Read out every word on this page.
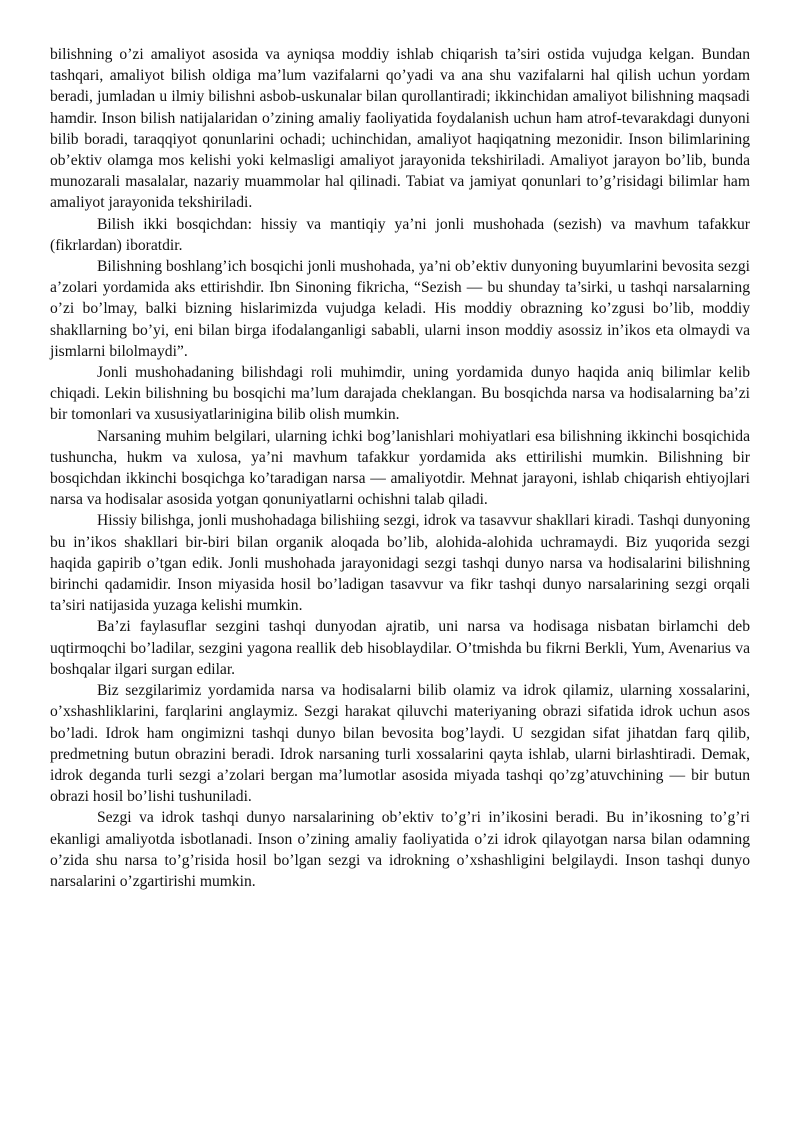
bilishning o’zi amaliyot asosida va ayniqsa moddiy ishlab chiqarish ta’siri ostida vujudga kelgan. Bundan tashqari, amaliyot bilish oldiga ma’lum vazifalarni qo’yadi va ana shu vazifalarni hal qilish uchun yordam beradi, jumladan u ilmiy bilishni asbob-uskunalar bilan qurollantiradi; ikkinchidan amaliyot bilishning maqsadi hamdir. Inson bilish natijalaridan o’zining amaliy faoliyatida foydalanish uchun ham atrof-tevarakdagi dunyoni bilib boradi, taraqqiyot qonunlarini ochadi; uchinchidan, amaliyot haqiqatning mezonidir. Inson bilimlarining ob’ektiv olamga mos kelishi yoki kelmasligi amaliyot jarayonida tekshiriladi. Amaliyot jarayon bo’lib, bunda munozarali masalalar, nazariy muammolar hal qilinadi. Tabiat va jamiyat qonunlari to’g’risidagi bilimlar ham amaliyot jarayonida tekshiriladi.

Bilish ikki bosqichdan: hissiy va mantiqiy ya’ni jonli mushohada (sezish) va mavhum tafakkur (fikrlardan) iboratdir.

Bilishning boshlang’ich bosqichi jonli mushohada, ya’ni ob’ektiv dunyoning buyumlarini bevosita sezgi a’zolari yordamida aks ettirishdir. Ibn Sinoning fikricha, “Sezish — bu shunday ta’sirki, u tashqi narsalarning o’zi bo’lmay, balki bizning hislarimizda vujudga keladi. His moddiy obrazning ko’zgusi bo’lib, moddiy shakllarning bo’yi, eni bilan birga ifodalanganligi sababli, ularni inson moddiy asossiz in’ikos eta olmaydi va jismlarni bilolmaydi”.

Jonli mushohadaning bilishdagi roli muhimdir, uning yordamida dunyo haqida aniq bilimlar kelib chiqadi. Lekin bilishning bu bosqichi ma’lum darajada cheklangan. Bu bosqichda narsa va hodisalarning ba’zi bir tomonlari va xususiyatlarinigina bilib olish mumkin.

Narsaning muhim belgilari, ularning ichki bog’lanishlari mohiyatlari esa bilishning ikkinchi bosqichida tushuncha, hukm va xulosa, ya’ni mavhum tafakkur yordamida aks ettirilishi mumkin. Bilishning bir bosqichdan ikkinchi bosqichga ko’taradigan narsa — amaliyotdir. Mehnat jarayoni, ishlab chiqarish ehtiyojlari narsa va hodisalar asosida yotgan qonuniyatlarni ochishni talab qiladi.

Hissiy bilishga, jonli mushohadaga bilishiing sezgi, idrok va tasavvur shakllari kiradi. Tashqi dunyoning bu in’ikos shakllari bir-biri bilan organik aloqada bo’lib, alohida-alohida uchramaydi. Biz yuqorida sezgi haqida gapirib o’tgan edik. Jonli mushohada jarayonidagi sezgi tashqi dunyo narsa va hodisalarini bilishning birinchi qadamidir. Inson miyasida hosil bo’ladigan tasavvur va fikr tashqi dunyo narsalarining sezgi orqali ta’siri natijasida yuzaga kelishi mumkin.

Ba’zi faylasuflar sezgini tashqi dunyodan ajratib, uni narsa va hodisaga nisbatan birlamchi deb uqtirmoqchi bo’ladilar, sezgini yagona reallik deb hisoblaydilar. O’tmishda bu fikrni Berkli, Yum, Avenarius va boshqalar ilgari surgan edilar.

Biz sezgilarimiz yordamida narsa va hodisalarni bilib olamiz va idrok qilamiz, ularning xossalarini, o’xshashliklarini, farqlarini anglaymiz. Sezgi harakat qiluvchi materiyaning obrazi sifatida idrok uchun asos bo’ladi. Idrok ham ongimizni tashqi dunyo bilan bevosita bog’laydi. U sezgidan sifat jihatdan farq qilib, predmetning butun obrazini beradi. Idrok narsaning turli xossalarini qayta ishlab, ularni birlashtiradi. Demak, idrok deganda turli sezgi a’zolari bergan ma’lumotlar asosida miyada tashqi qo’zg’atuvchining — bir butun obrazi hosil bo’lishi tushuniladi.

Sezgi va idrok tashqi dunyo narsalarining ob’ektiv to’g’ri in’ikosini beradi. Bu in’ikosning to’g’ri ekanligi amaliyotda isbotlanadi. Inson o’zining amaliy faoliyatida o’zi idrok qilayotgan narsa bilan odamning o’zida shu narsa to’g’risida hosil bo’lgan sezgi va idrokning o’xshashligini belgilaydi. Inson tashqi dunyo narsalarini o’zgartirishi mumkin.
